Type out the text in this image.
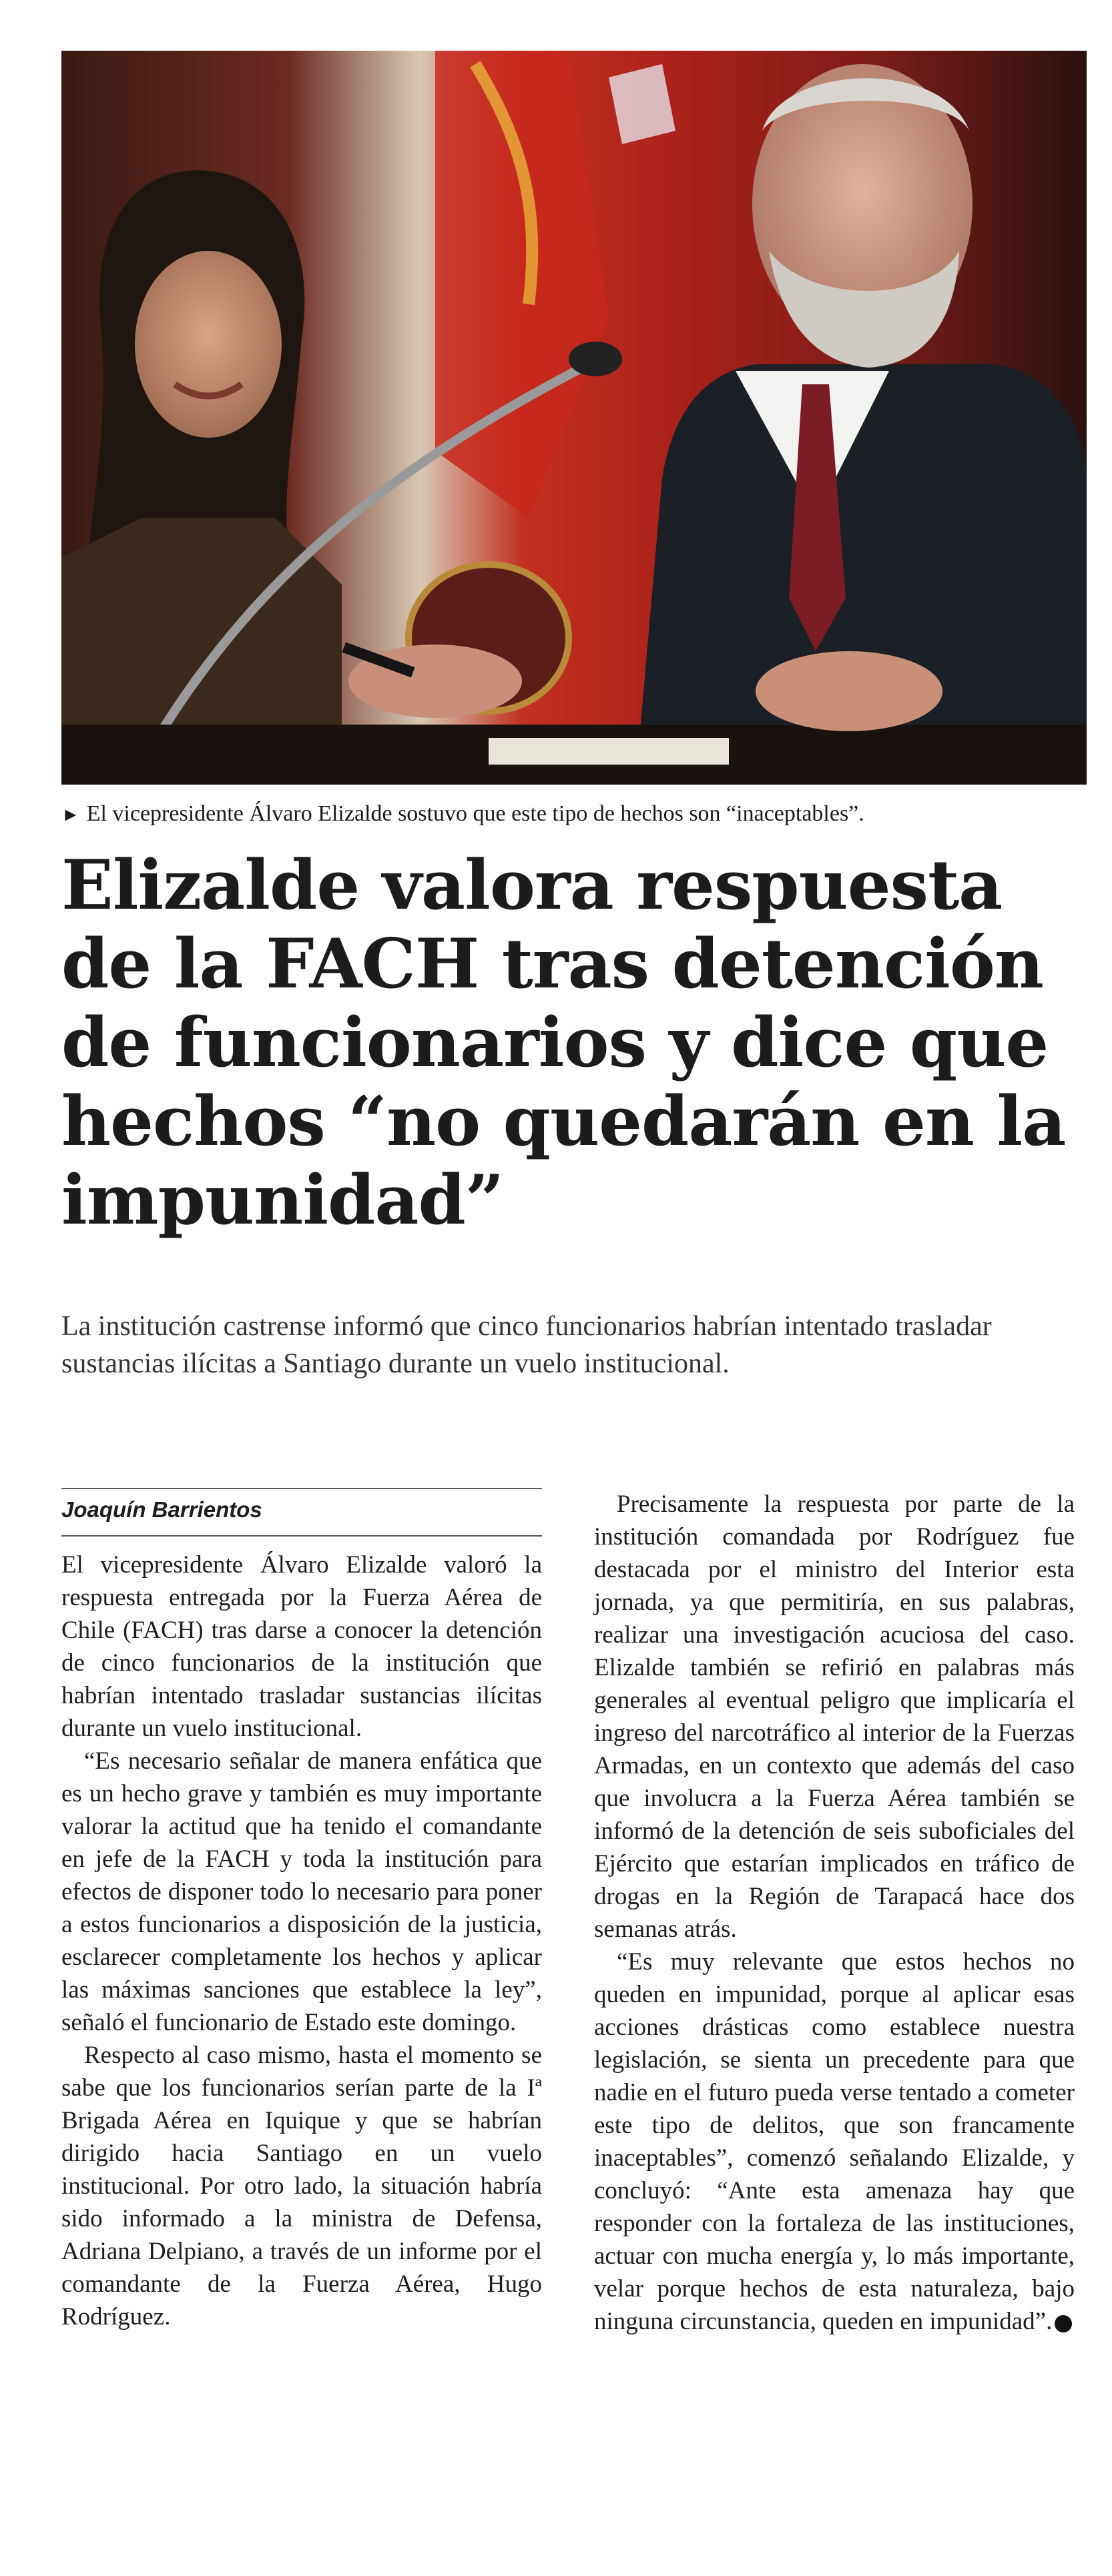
► El vicepresidente Álvaro Elizalde sostuvo que este tipo de hechos son “inaceptables”.
Elizalde valora respuesta de la FACH tras detención de funcionarios y dice que hechos “no quedarán en la impunidad”

La institución castrense informó que cinco funcionarios habrían intentado trasladar sustancias ilícitas a Santiago durante un vuelo institucional.

Joaquín Barrientos

El vicepresidente Álvaro Elizalde valoró la respuesta entregada por la Fuerza Aérea de Chile (FACH) tras darse a conocer la detención de cinco funcionarios de la institución que habrían intentado trasladar sustancias ilícitas durante un vuelo institucional.

“Es necesario señalar de manera enfática que es un hecho grave y también es muy importante valorar la actitud que ha tenido el comandante en jefe de la FACH y toda la institución para efectos de disponer todo lo necesario para poner a estos funcionarios a disposición de la justicia, esclarecer completamente los hechos y aplicar las máximas sanciones que establece la ley”, señaló el funcionario de Estado este domingo.

Respecto al caso mismo, hasta el momento se sabe que los funcionarios serían parte de la Iª Brigada Aérea en Iquique y que se habrían dirigido hacia Santiago en un vuelo institucional. Por otro lado, la situación habría sido informado a la ministra de Defensa, Adriana Delpiano, a través de un informe por el comandante de la Fuerza Aérea, Hugo Rodríguez.

Precisamente la respuesta por parte de la institución comandada por Rodríguez fue destacada por el ministro del Interior esta jornada, ya que permitiría, en sus palabras, realizar una investigación acuciosa del caso. Elizalde también se refirió en palabras más generales al eventual peligro que implicaría el ingreso del narcotráfico al interior de la Fuerzas Armadas, en un contexto que además del caso que involucra a la Fuerza Aérea también se informó de la detención de seis suboficiales del Ejército que estarían implicados en tráfico de drogas en la Región de Tarapacá hace dos semanas atrás.

“Es muy relevante que estos hechos no queden en impunidad, porque al aplicar esas acciones drásticas como establece nuestra legislación, se sienta un precedente para que nadie en el futuro pueda verse tentado a cometer este tipo de delitos, que son francamente inaceptables”, comenzó señalando Elizalde, y concluyó: “Ante esta amenaza hay que responder con la fortaleza de las instituciones, actuar con mucha energía y, lo más importante, velar porque hechos de esta naturaleza, bajo ninguna circunstancia, queden en impunidad”.
